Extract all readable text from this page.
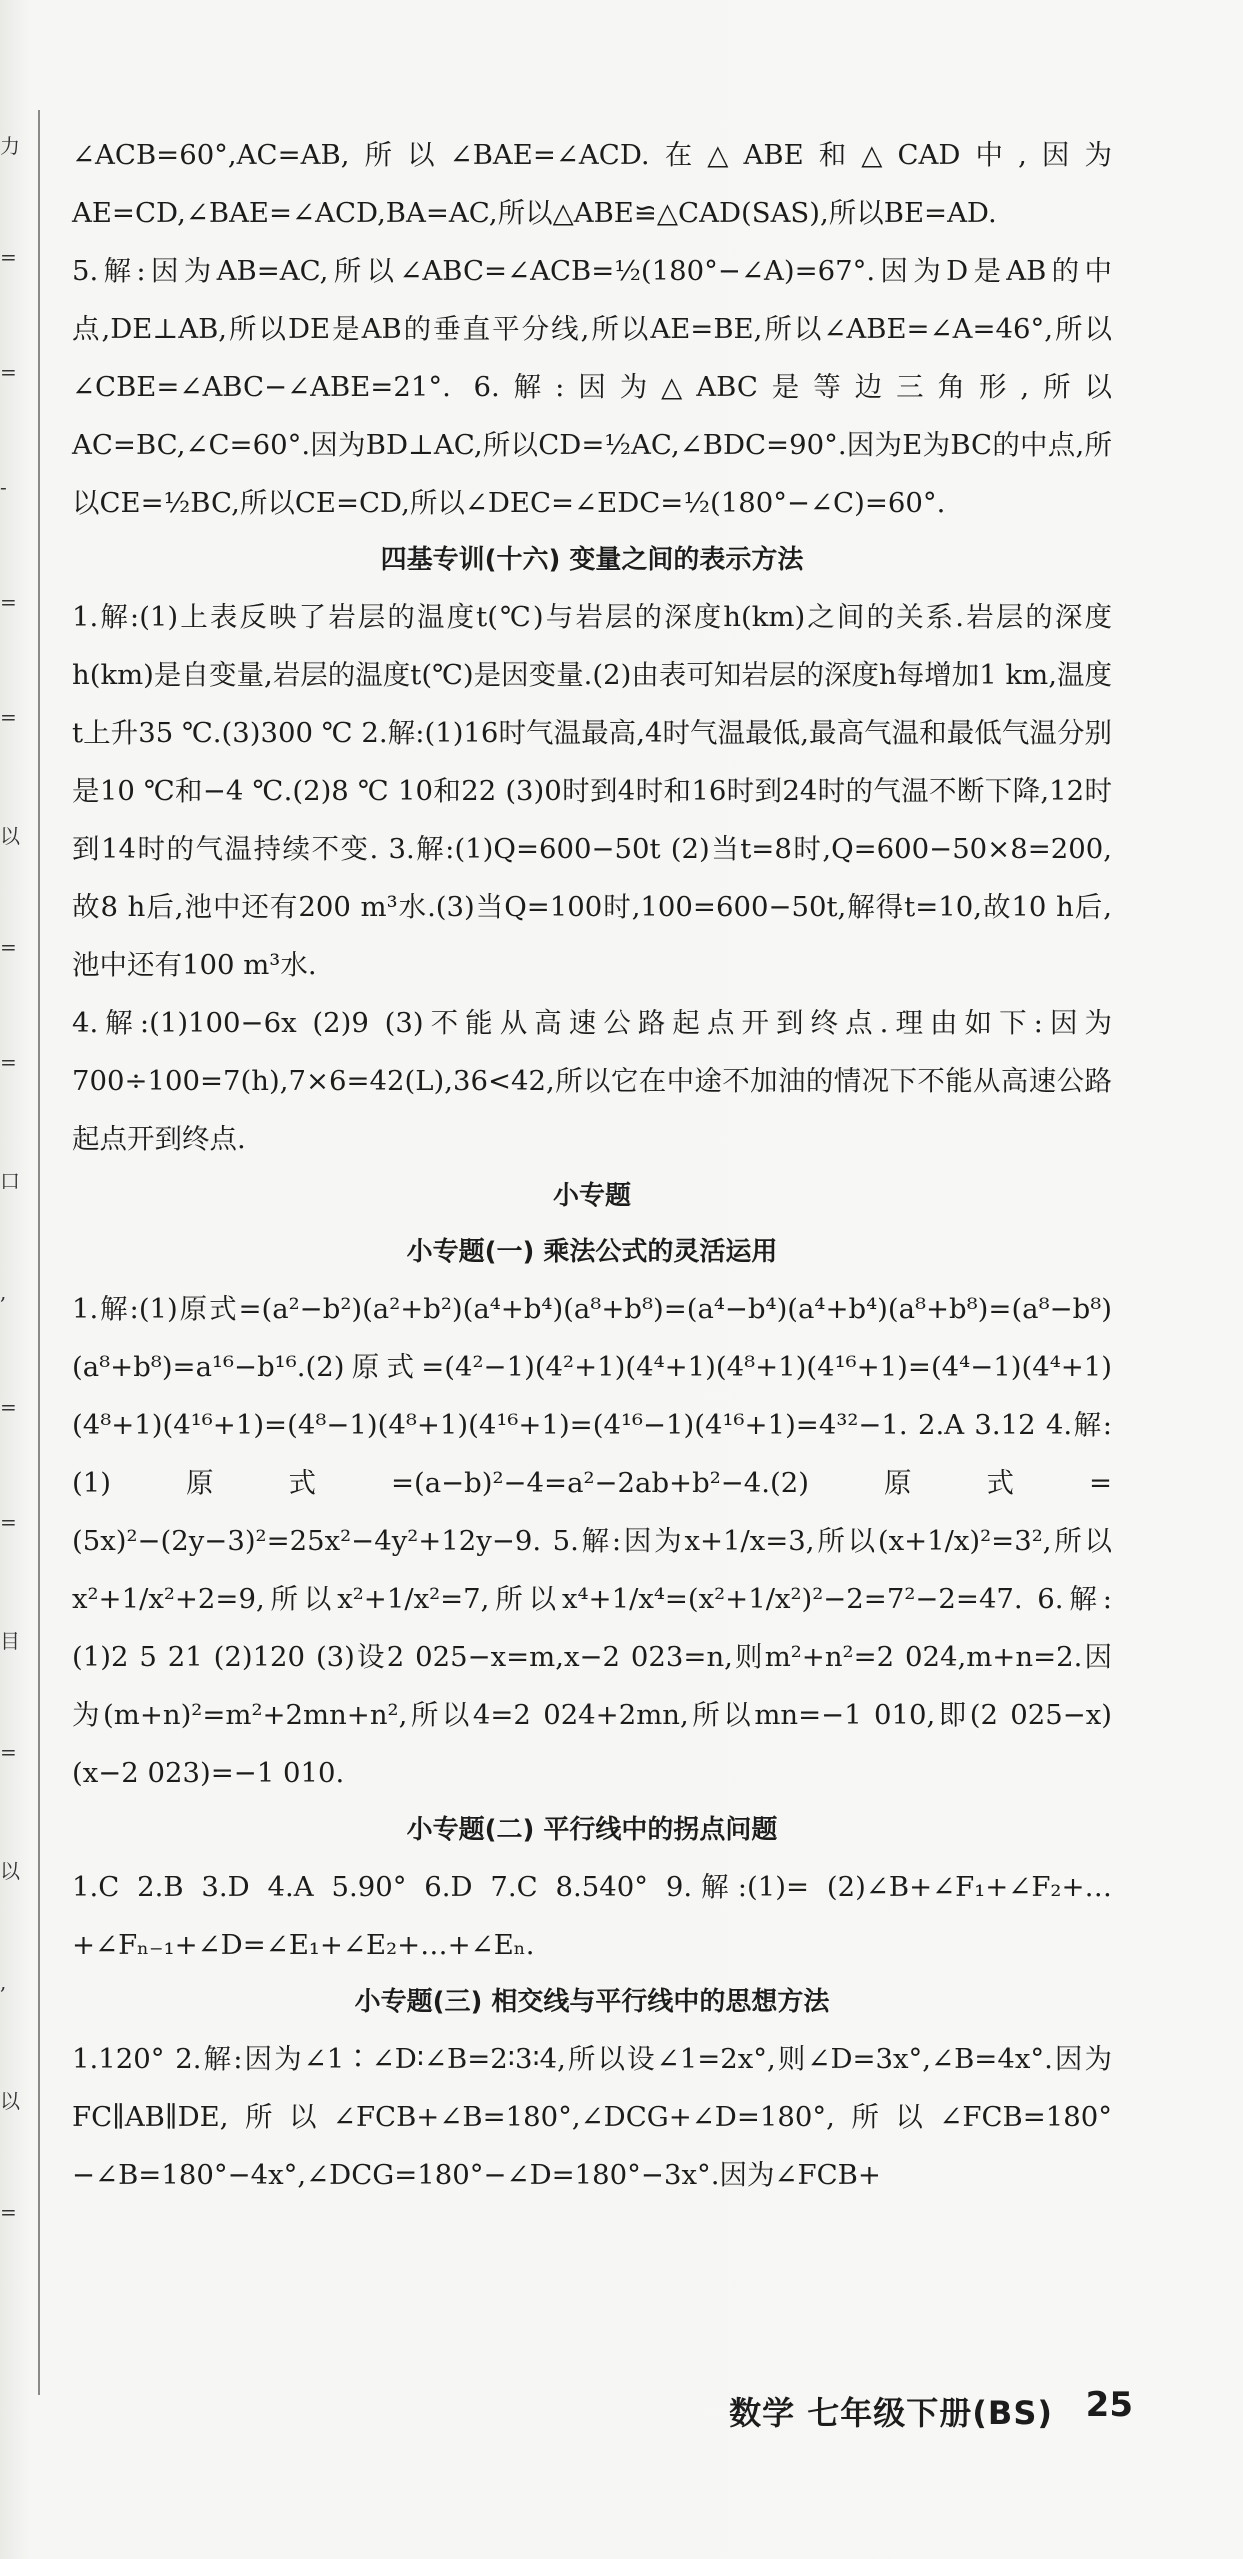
力
=
=
-
=
=
以
=
=
口
,
=
=
目
=
以
,
以
=

∠ACB=60°,AC=AB,所以∠BAE=∠ACD.在△ABE和△CAD中,因为AE=CD,∠BAE=∠ACD,BA=AC,所以△ABE≌△CAD(SAS),所以BE=AD.

5.解:因为AB=AC,所以∠ABC=∠ACB=½(180°−∠A)=67°.因为D是AB的中点,DE⊥AB,所以DE是AB的垂直平分线,所以AE=BE,所以∠ABE=∠A=46°,所以∠CBE=∠ABC−∠ABE=21°. 6.解:因为△ABC是等边三角形,所以AC=BC,∠C=60°.因为BD⊥AC,所以CD=½AC,∠BDC=90°.因为E为BC的中点,所以CE=½BC,所以CE=CD,所以∠DEC=∠EDC=½(180°−∠C)=60°.

四基专训(十六) 变量之间的表示方法

1.解:(1)上表反映了岩层的温度t(℃)与岩层的深度h(km)之间的关系.岩层的深度h(km)是自变量,岩层的温度t(℃)是因变量.(2)由表可知岩层的深度h每增加1 km,温度t上升35 ℃.(3)300 ℃ 2.解:(1)16时气温最高,4时气温最低,最高气温和最低气温分别是10 ℃和−4 ℃.(2)8 ℃ 10和22 (3)0时到4时和16时到24时的气温不断下降,12时到14时的气温持续不变. 3.解:(1)Q=600−50t (2)当t=8时,Q=600−50×8=200,故8 h后,池中还有200 m³水.(3)当Q=100时,100=600−50t,解得t=10,故10 h后,池中还有100 m³水.

4.解:(1)100−6x (2)9 (3)不能从高速公路起点开到终点.理由如下:因为700÷100=7(h),7×6=42(L),36<42,所以它在中途不加油的情况下不能从高速公路起点开到终点.

小专题

小专题(一) 乘法公式的灵活运用

1.解:(1)原式=(a²−b²)(a²+b²)(a⁴+b⁴)(a⁸+b⁸)=(a⁴−b⁴)(a⁴+b⁴)(a⁸+b⁸)=(a⁸−b⁸)(a⁸+b⁸)=a¹⁶−b¹⁶.(2)原式=(4²−1)(4²+1)(4⁴+1)(4⁸+1)(4¹⁶+1)=(4⁴−1)(4⁴+1)(4⁸+1)(4¹⁶+1)=(4⁸−1)(4⁸+1)(4¹⁶+1)=(4¹⁶−1)(4¹⁶+1)=4³²−1. 2.A 3.12 4.解:(1)原式=(a−b)²−4=a²−2ab+b²−4.(2)原式=(5x)²−(2y−3)²=25x²−4y²+12y−9. 5.解:因为x+1/x=3,所以(x+1/x)²=3²,所以x²+1/x²+2=9,所以x²+1/x²=7,所以x⁴+1/x⁴=(x²+1/x²)²−2=7²−2=47. 6.解:(1)2 5 21 (2)120 (3)设2 025−x=m,x−2 023=n,则m²+n²=2 024,m+n=2.因为(m+n)²=m²+2mn+n²,所以4=2 024+2mn,所以mn=−1 010,即(2 025−x)(x−2 023)=−1 010.

小专题(二) 平行线中的拐点问题

1.C 2.B 3.D 4.A 5.90° 6.D 7.C 8.540° 9.解:(1)= (2)∠B+∠F₁+∠F₂+…+∠Fₙ₋₁+∠D=∠E₁+∠E₂+…+∠Eₙ.

小专题(三) 相交线与平行线中的思想方法

1.120° 2.解:因为∠1∶∠D∶∠B=2∶3∶4,所以设∠1=2x°,则∠D=3x°,∠B=4x°.因为FC∥AB∥DE,所以∠FCB+∠B=180°,∠DCG+∠D=180°,所以∠FCB=180°−∠B=180°−4x°,∠DCG=180°−∠D=180°−3x°.因为∠FCB+

数学 七年级下册(BS) 25
